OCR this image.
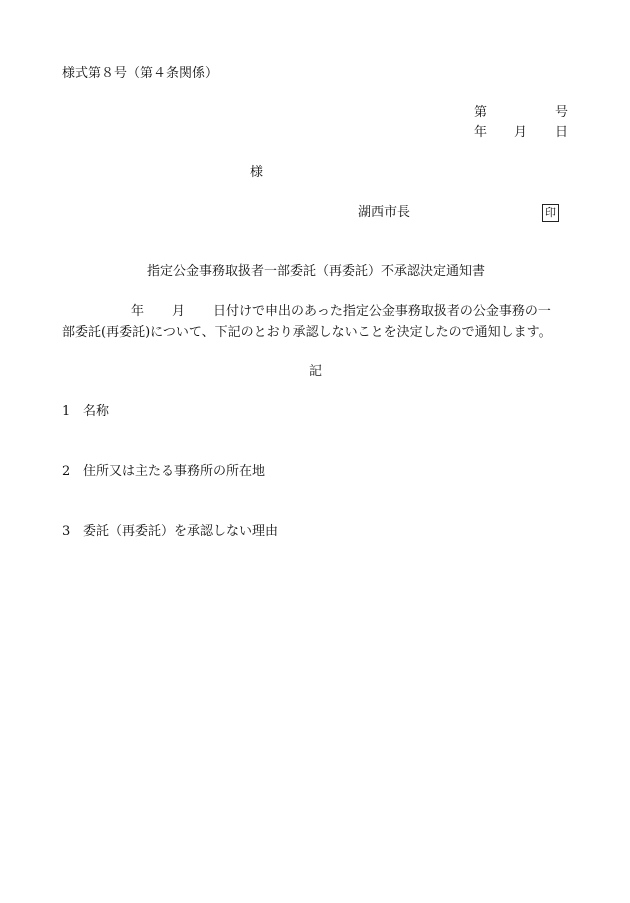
様式第８号（第４条関係）
第	号
年 月 日
様
湖西市長	印
指定公金事務取扱者一部委託（再委託）不承認決定通知書
年 月 日付けで申出のあった指定公金事務取扱者の公金事務の一
部委託(再委託)について、下記のとおり承認しないことを決定したので通知します。
記
1 名称
2 住所又は主たる事務所の所在地
3 委託（再委託）を承認しない理由
